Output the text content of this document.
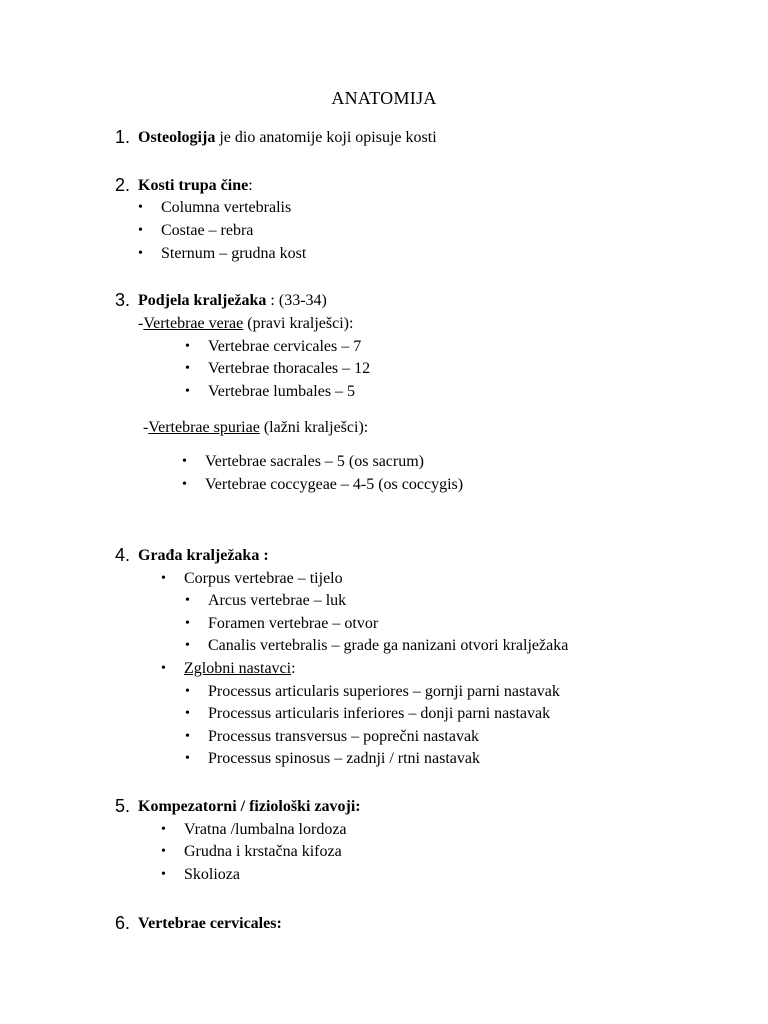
ANATOMIJA
1. Osteologija je dio anatomije koji opisuje kosti
2. Kosti trupa čine:
• Columna vertebralis
• Costae – rebra
• Sternum – grudna kost
3. Podjela kralježaka : (33-34)
-Vertebrae verae (pravi kralješci):
• Vertebrae cervicales – 7
• Vertebrae thoracales – 12
• Vertebrae lumbales – 5
-Vertebrae spuriae (lažni kralješci):
• Vertebrae sacrales – 5 (os sacrum)
• Vertebrae coccygeae – 4-5 (os coccygis)
4. Građa kralježaka :
• Corpus vertebrae – tijelo
• Arcus vertebrae – luk
• Foramen vertebrae – otvor
• Canalis vertebralis – grade ga nanizani otvori kralježaka
• Zglobni nastavci:
• Processus articularis superiores – gornji parni nastavak
• Processus articularis inferiores – donji parni nastavak
• Processus transversus – poprečni nastavak
• Processus spinosus – zadnji / rtni nastavak
5. Kompezatorni / fiziološki zavoji:
• Vratna /lumbalna lordoza
• Grudna i krstačna kifoza
• Skolioza
6. Vertebrae cervicales:
